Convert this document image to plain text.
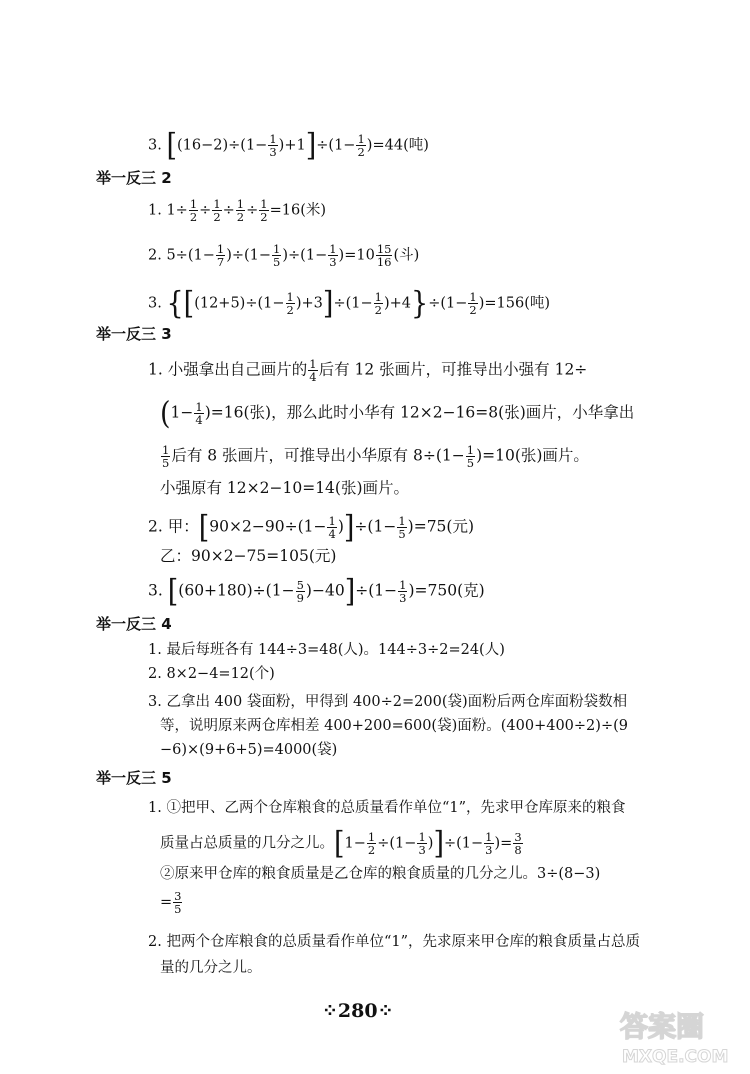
3. $[(16-2)\div(1- \frac{1}{3} )+1]\div(1- \frac{1}{2} )=44$(吨)
举一反三 2
1. $1\div \frac{1}{2} \div \frac{1}{2} \div \frac{1}{2} \div \frac{1}{2} =16$(米)
2. $5\div(1- \frac{1}{7} )\div(1- \frac{1}{5} )\div(1- \frac{1}{3} )=10 \frac{15}{16}$ (斗)
3. $\{[(12+5)\div(1- \frac{1}{2} )+3]\div(1- \frac{1}{2} )+4\}\div(1- \frac{1}{2} )=156$(吨)
举一反三 3
1. 小强拿出自己画片的 $\frac{1}{4}$ 后有 12 张画片，可推导出小强有 12÷
$(1- \frac{1}{4} )=16$(张)，那么此时小华有 12×2−16=8(张)画片，小华拿出
$\frac{1}{5}$ 后有 8 张画片，可推导出小华原有 $8\div(1- \frac{1}{5} )=10$(张)画片。
小强原有 12×2−10=14(张)画片。
2. 甲：$[90\times 2-90\div(1- \frac{1}{4} )]\div(1- \frac{1}{5} )=75$(元)
乙：90×2−75=105(元)
3. $[(60+180)\div(1- \frac{5}{9} )-40]\div(1- \frac{1}{3} )=750$(克)
举一反三 4
1. 最后每班各有 144÷3=48(人)。144÷3÷2=24(人)
2. 8×2−4=12(个)
3. 乙拿出 400 袋面粉，甲得到 400÷2=200(袋)面粉后两仓库面粉袋数相
等，说明原来两仓库相差 400+200=600(袋)面粉。(400+400÷2)÷(9
−6)×(9+6+5)=4000(袋)
举一反三 5
1. ①把甲、乙两个仓库粮食的总质量看作单位“1”，先求甲仓库原来的粮食
质量占总质量的几分之儿。$[1- \frac{1}{2} \div(1- \frac{1}{3} )]\div(1- \frac{1}{3}$ )= $\frac{3}{8}$
②原来甲仓库的粮食质量是乙仓库的粮食质量的几分之儿。3÷(8−3)
= $\frac{3}{5}$
2. 把两个仓库粮食的总质量看作单位“1”，先求原来甲仓库的粮食质量占总质
量的几分之儿。
⁘280⁘	答案圈
MXQE.COM
